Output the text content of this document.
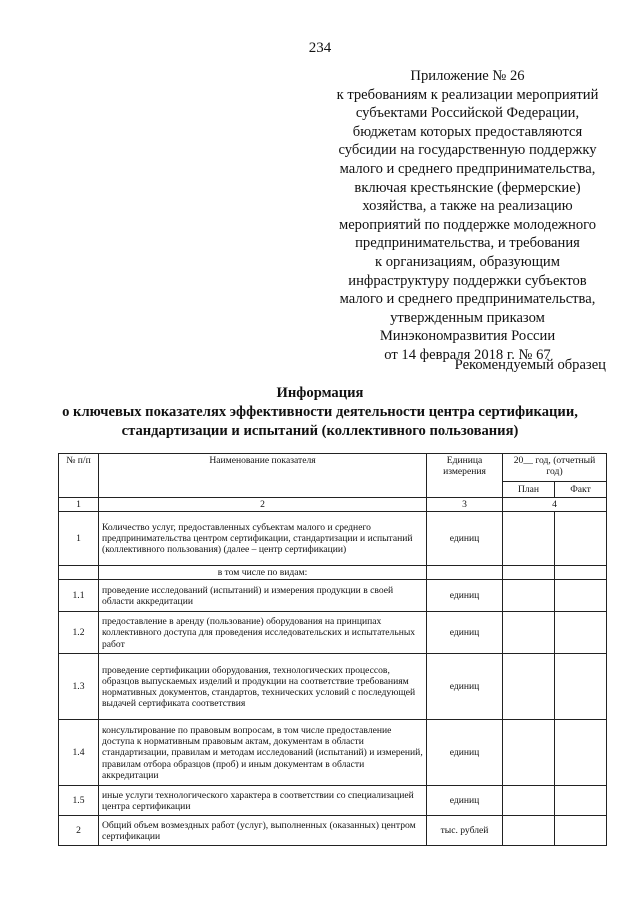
234
Приложение № 26
к требованиям к реализации мероприятий
субъектами Российской Федерации,
бюджетам которых предоставляются
субсидии на государственную поддержку
малого и среднего предпринимательства,
включая крестьянские (фермерские)
хозяйства, а также на реализацию
мероприятий по поддержке молодежного
предпринимательства, и требования
к организациям, образующим
инфраструктуру поддержки субъектов
малого и среднего предпринимательства,
утвержденным приказом
Минэкономразвития России
от 14 февраля 2018 г. № 67
Рекомендуемый образец
Информация
о ключевых показателях эффективности деятельности центра сертификации,
стандартизации и испытаний (коллективного пользования)
№ п/п	Наименование показателя	Единица измерения	20__ год, (отчетный год)	
			План	Факт
1	2	3	4	
1	Количество услуг, предоставленных субъектам малого и среднего предпринимательства центром сертификации, стандартизации и испытаний (коллективного пользования) (далее – центр сертификации)	единиц		
	в том числе по видам:			
1.1	проведение исследований (испытаний) и измерения продукции в своей области аккредитации	единиц		
1.2	предоставление в аренду (пользование) оборудования на принципах коллективного доступа для проведения исследовательских и испытательных работ	единиц		
1.3	проведение сертификации оборудования, технологических процессов, образцов выпускаемых изделий и продукции на соответствие требованиям нормативных документов, стандартов, технических условий с последующей выдачей сертификата соответствия	единиц		
1.4	консультирование по правовым вопросам, в том числе предоставление доступа к нормативным правовым актам, документам в области стандартизации, правилам и методам исследований (испытаний) и измерений, правилам отбора образцов (проб) и иным документам в области аккредитации	единиц		
1.5	иные услуги технологического характера в соответствии со специализацией центра сертификации	единиц		
2	Общий объем возмездных работ (услуг), выполненных (оказанных) центром сертификации	тыс. рублей		
